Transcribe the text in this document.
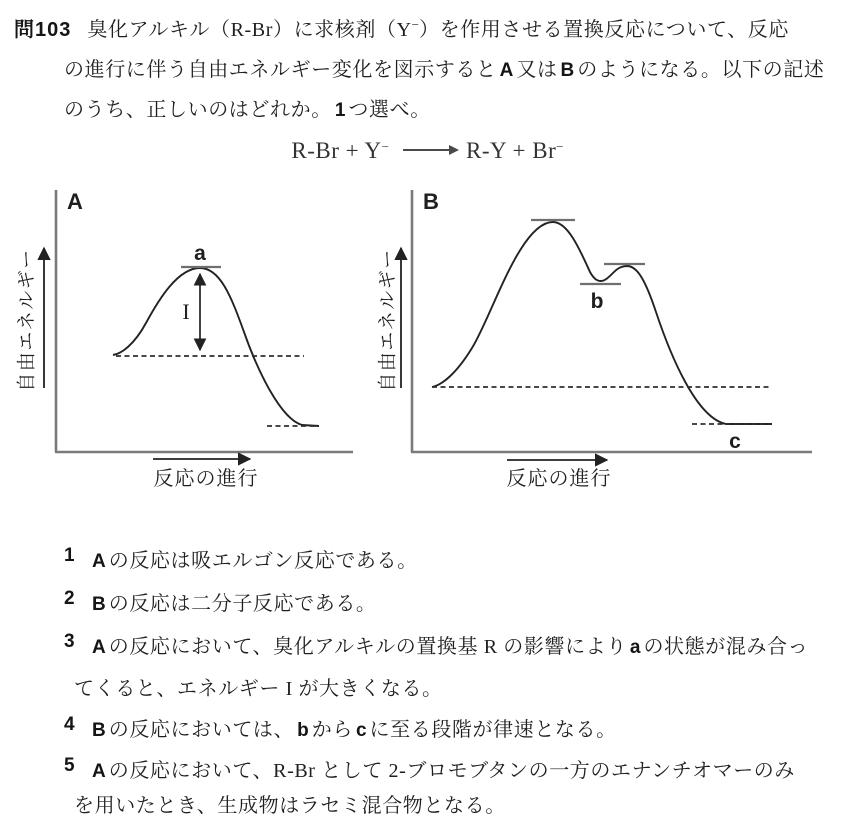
問103 臭化アルキル（R-Br）に求核剤（Y−）を作用させる置換反応について、反応
の進行に伴う自由エネルギー変化を図示すると A 又は B のようになる。以下の記述
のうち、正しいのはどれか。 1 つ選べ。
R-Br + Y−	R-Y + Br−
A
自由エネルギー	a
I
反応の進行
B
自由エネルギー	b
c
反応の進行
1 A の反応は吸エルゴン反応である。
2 B の反応は二分子反応である。
3 A の反応において、臭化アルキルの置換基 R の影響により a の状態が混み合っ
てくると、エネルギー I が大きくなる。
4 B の反応においては、 b から c に至る段階が律速となる。
5 A の反応において、R-Br として 2-ブロモブタンの一方のエナンチオマーのみ
を用いたとき、生成物はラセミ混合物となる。
